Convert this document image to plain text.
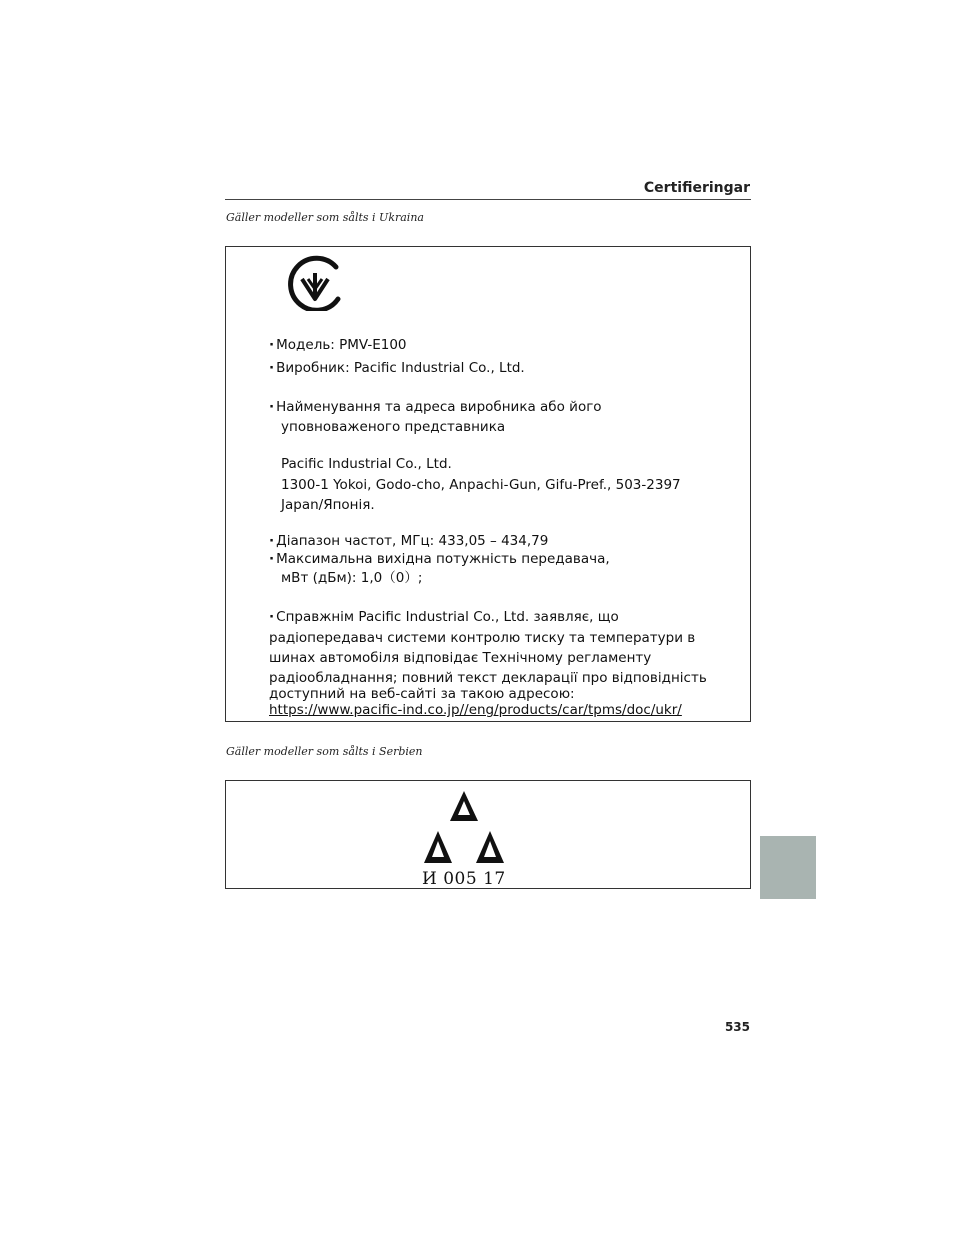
Certifieringar
Gäller modeller som sålts i Ukraina
· Модель: PMV-E100
· Виробник: Pacific Industrial Co., Ltd.
· Найменування та адреса виробника або його
уповноваженого представника
Pacific Industrial Co., Ltd.
1300-1 Yokoi, Godo-cho, Anpachi-Gun, Gifu-Pref., 503-2397
Japan/Японія.
· Діапазон частот, МГц: 433,05 – 434,79
· Максимальна вихідна потужність передавача,
мВт (дБм): 1,0（0）;
· Справжнім Pacific Industrial Co., Ltd. заявляє, що
радіопередавач системи контролю тиску та температури в
шинах автомобіля відповідає Технічному регламенту
радіообладнання; повний текст декларації про відповідність
доступний на веб-сайті за такою адресою:
https://www.pacific-ind.co.jp//eng/products/car/tpms/doc/ukr/
Gäller modeller som sålts i Serbien
И 005 17
535
